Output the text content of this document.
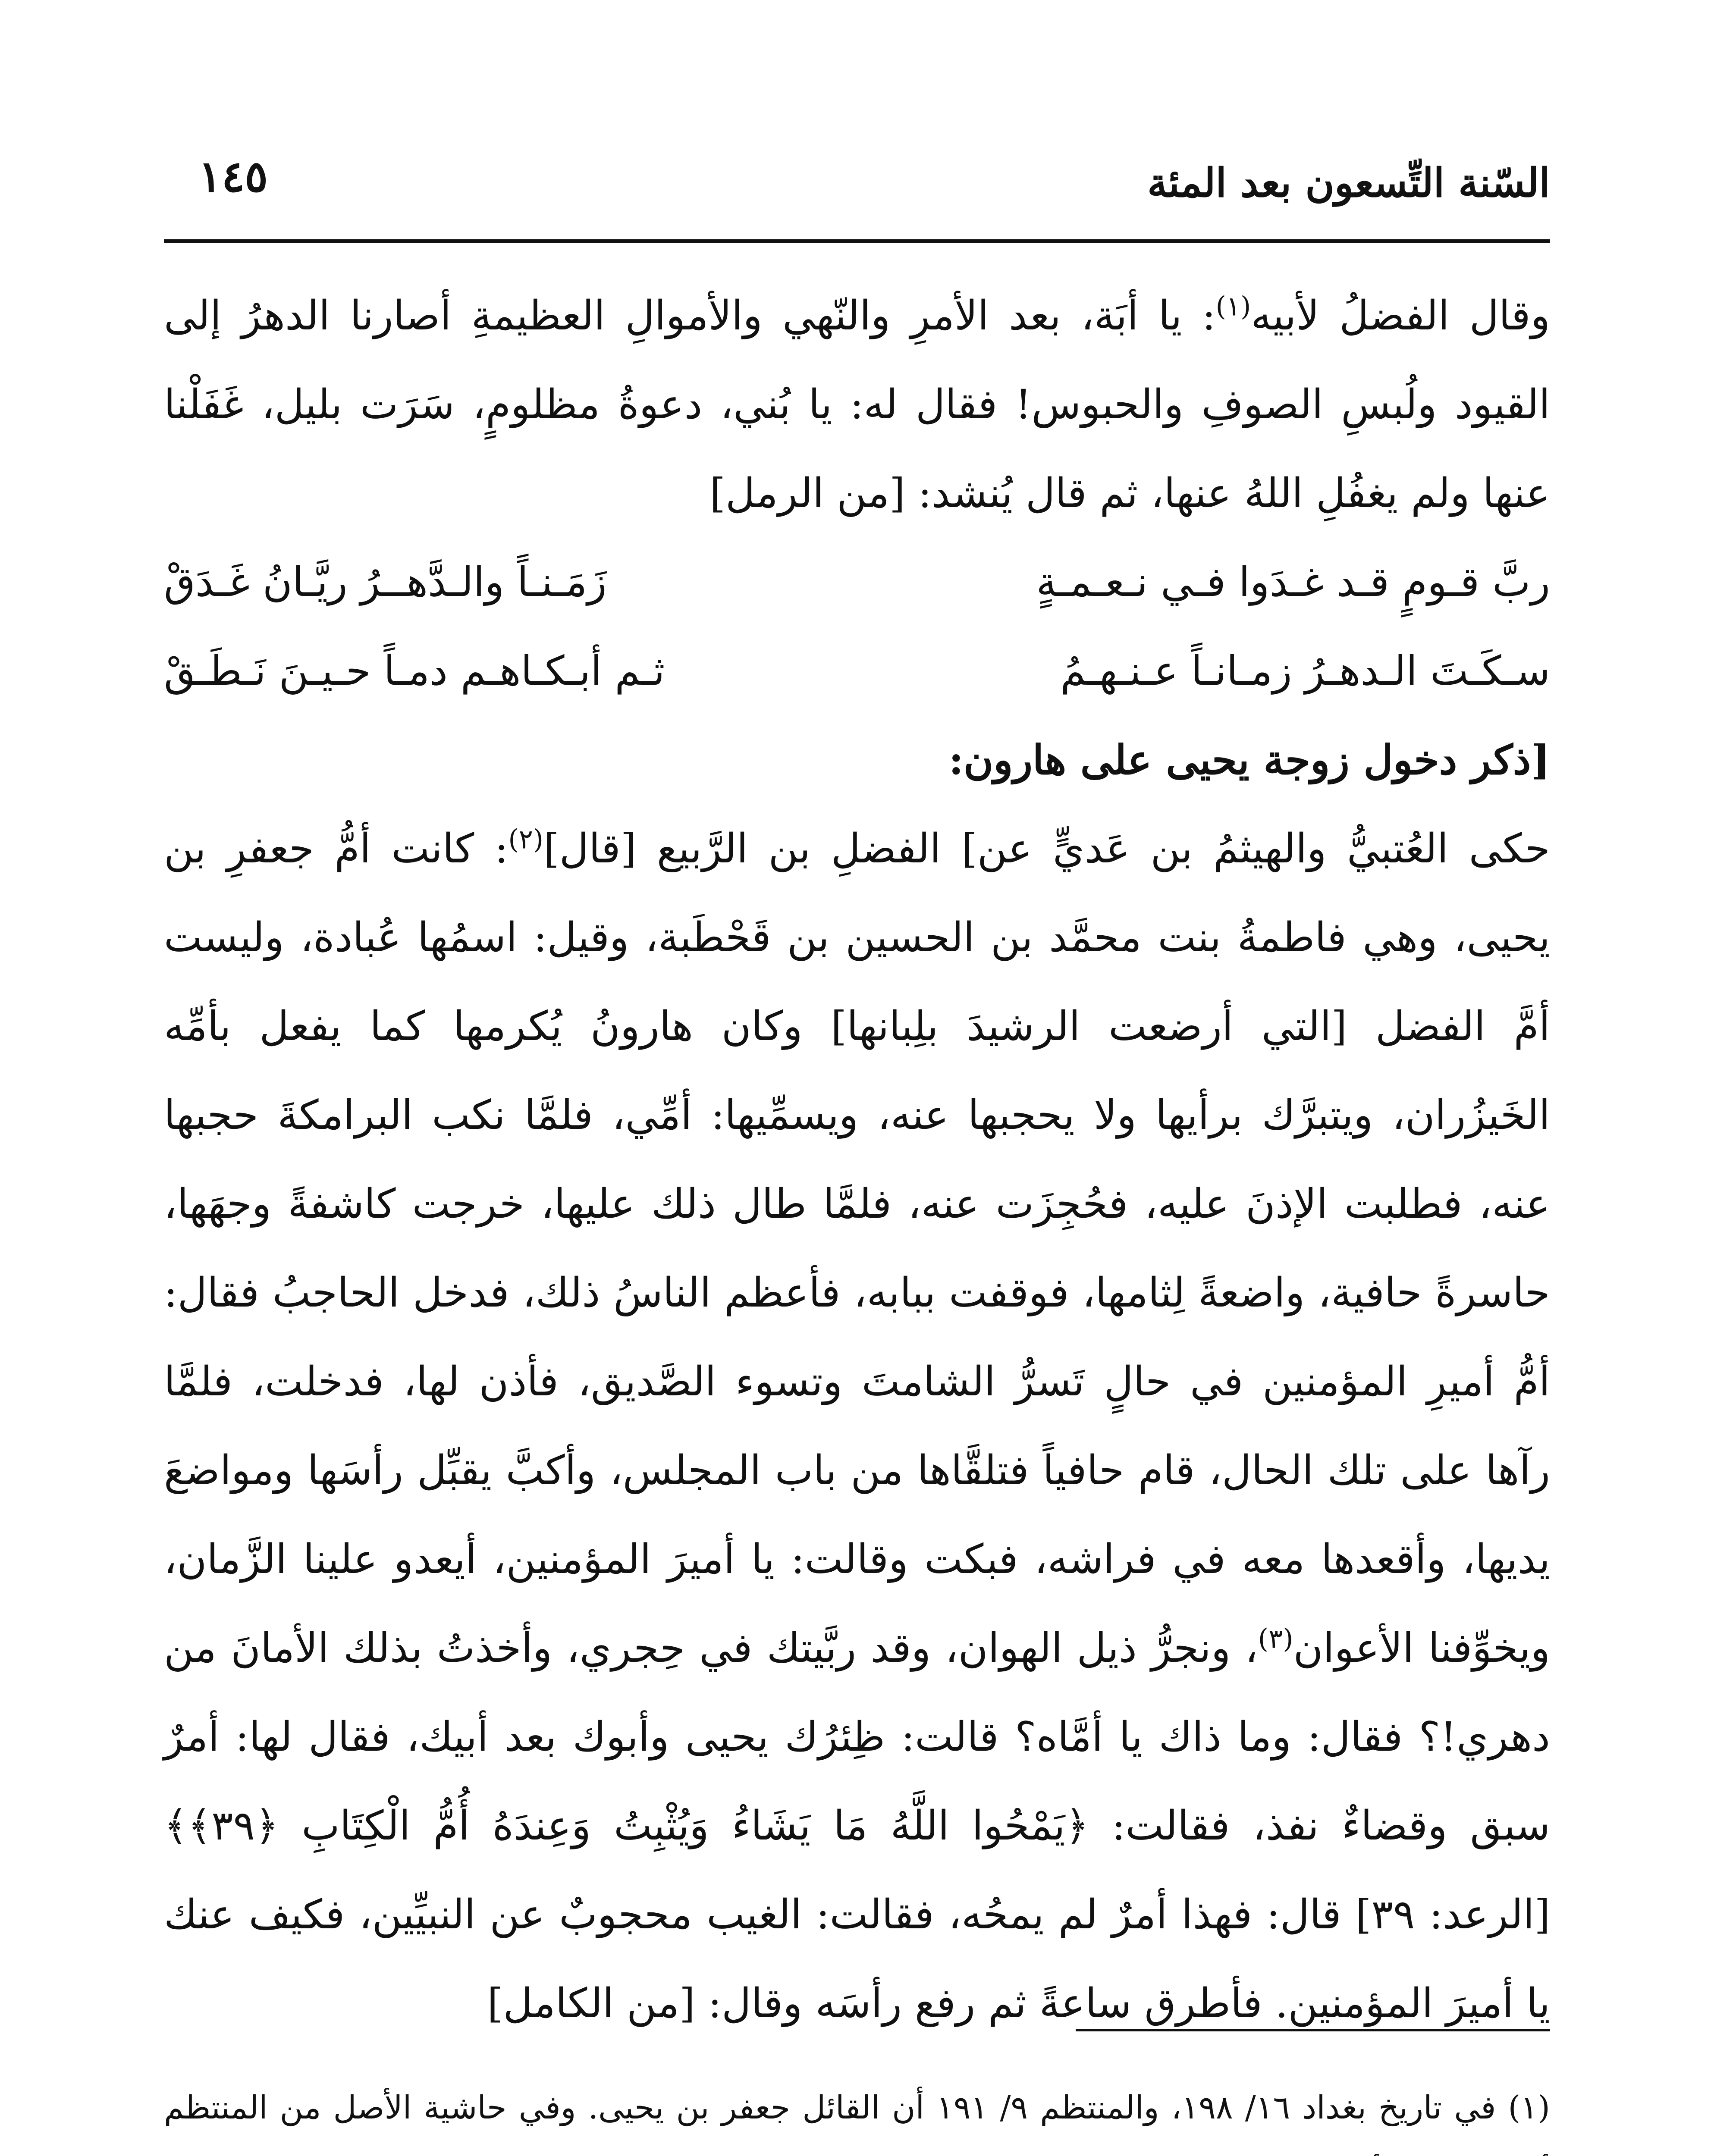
السّنة التِّسعون بعد المئة
١٤٥

وقال الفضلُ لأبيه$^{(١)}$: يا أبَة، بعد الأمرِ والنّهي والأموالِ العظيمةِ أصارنا الدهرُ إلى القيود ولُبسِ الصوفِ والحبوس! فقال له: يا بُني، دعوةُ مظلومٍ، سَرَت بليل، غَفَلْنا عنها ولم يغفُلِ اللهُ عنها، ثم قال يُنشد: [من الرمل]

ربَّ قـومٍ قـد غـدَوا فـي نـعـمـةٍ
زَمَـنـاً والـدَّهــرُ ريَّـانُ غَـدَقْ
سـكَـتَ الـدهـرُ زمـانـاً عـنـهـمُ
ثـم أبـكـاهـم دمـاً حـيـنَ نَـطَـقْ

[ذكر دخول زوجة يحيى على هارون:

حكى العُتبيُّ والهيثمُ بن عَديٍّ عن] الفضلِ بن الرَّبيع [قال]$^{(٢)}$: كانت أمُّ جعفرِ بن يحيى، وهي فاطمةُ بنت محمَّد بن الحسين بن قَحْطَبة، وقيل: اسمُها عُبادة، وليست أمَّ الفضل [التي أرضعت الرشيدَ بلِبانها] وكان هارونُ يُكرمها كما يفعل بأمِّه الخَيزُران، ويتبرَّك برأيها ولا يحجبها عنه، ويسمِّيها: أمِّي، فلمَّا نكب البرامكةَ حجبها عنه، فطلبت الإذنَ عليه، فحُجِزَت عنه، فلمَّا طال ذلك عليها، خرجت كاشفةً وجهَها، حاسرةً حافية، واضعةً لِثامها، فوقفت ببابه، فأعظم الناسُ ذلك، فدخل الحاجبُ فقال: أمُّ أميرِ المؤمنين في حالٍ تَسرُّ الشامتَ وتسوء الصَّديق، فأذن لها، فدخلت، فلمَّا رآها على تلك الحال، قام حافياً فتلقَّاها من باب المجلس، وأكبَّ يقبِّل رأسَها ومواضعَ يديها، وأقعدها معه في فراشه، فبكت وقالت: يا أميرَ المؤمنين، أيعدو علينا الزَّمان، ويخوِّفنا الأعوان$^{(٣)}$، ونجرُّ ذيل الهوان، وقد ربَّيتك في حِجري، وأخذتُ بذلك الأمانَ من دهري!؟ فقال: وما ذاك يا أمَّاه؟ قالت: ظِئرُك يحيى وأبوك بعد أبيك، فقال لها: أمرٌ سبق وقضاءٌ نفذ، فقالت: ﴿يَمْحُوا اللَّهُ مَا يَشَاءُ وَيُثْبِتُ وَعِندَهُ أُمُّ الْكِتَابِ ﴿٣٩﴾﴾ [الرعد: ٣٩] قال: فهذا أمرٌ لم يمحُه، فقالت: الغيب محجوبٌ عن النبيِّين، فكيف عنك يا أميرَ المؤمنين. فأطرق ساعةً ثم رفع رأسَه وقال: [من الكامل]

(١) في تاريخ بغداد ١٦/ ١٩٨، والمنتظم ٩/ ١٩١ أن القائل جعفر بن يحيى. وفي حاشية الأصل من المنتظم
